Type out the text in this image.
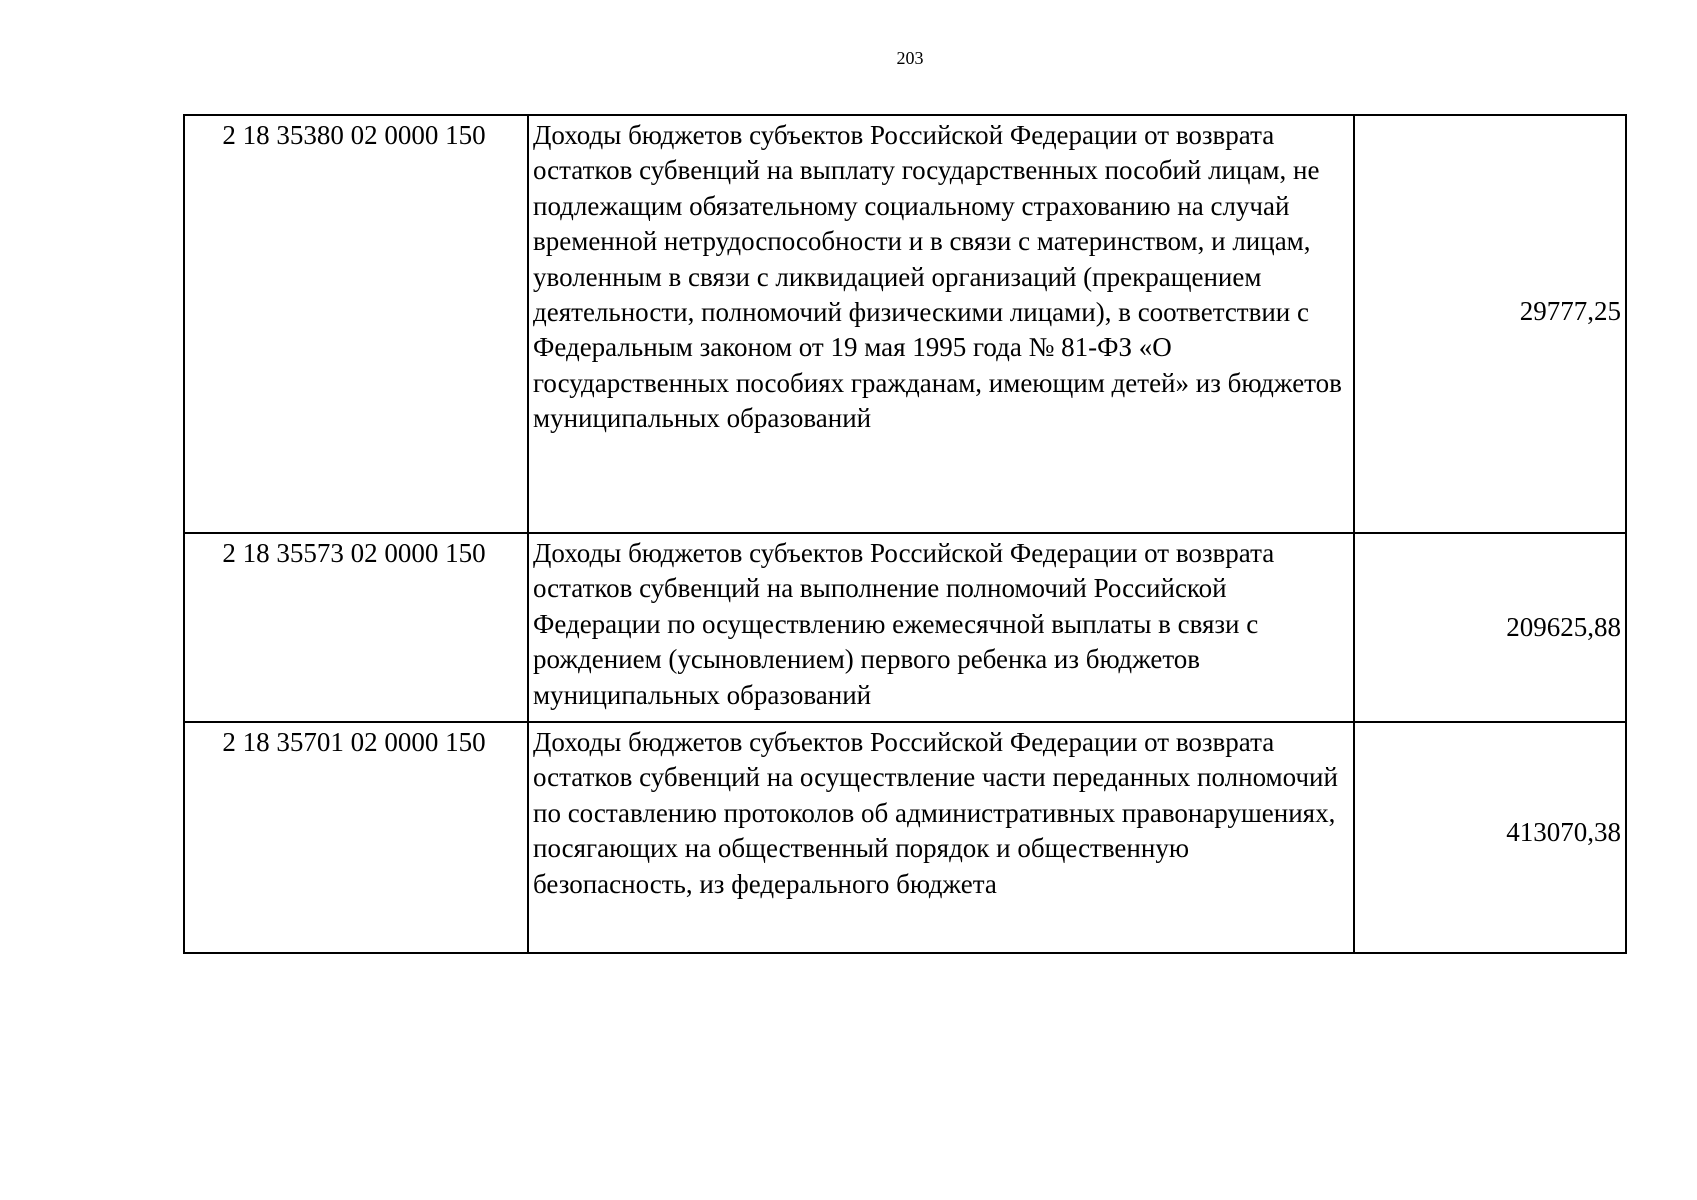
203
2 18 35380 02 0000 150	Доходы бюджетов субъектов Российской Федерации от возврата остатков субвенций на выплату государственных пособий лицам, не подлежащим обязательному социальному страхованию на случай временной нетрудоспособности и в связи с материнством, и лицам, уволенным в связи с ликвидацией организаций (прекращением деятельности, полномочий физическими лицами), в соответствии с Федеральным законом от 19 мая 1995 года № 81-ФЗ «О государственных пособиях гражданам, имеющим детей» из бюджетов муниципальных образований	29777,25
2 18 35573 02 0000 150	Доходы бюджетов субъектов Российской Федерации от возврата остатков субвенций на выполнение полномочий Российской Федерации по осуществлению ежемесячной выплаты в связи с рождением (усыновлением) первого ребенка из бюджетов муниципальных образований	209625,88
2 18 35701 02 0000 150	Доходы бюджетов субъектов Российской Федерации от возврата остатков субвенций на осуществление части переданных полномочий по составлению протоколов об административных правонарушениях, посягающих на общественный порядок и общественную безопасность, из федерального бюджета	413070,38
